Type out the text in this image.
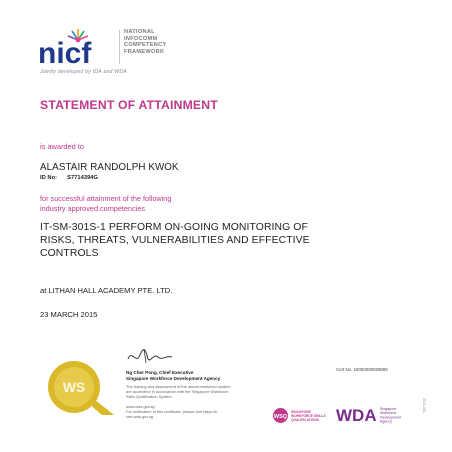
nicf
NATIONAL
INFOCOMM
COMPETENCY
FRAMEWORK
Jointly developed by IDA and WDA
STATEMENT OF ATTAINMENT
is awarded to
ALASTAIR RANDOLPH KWOK
ID No: S7714394G
for successful attainment of the following
industry approved competencies
IT-SM-301S-1 PERFORM ON-GOING MONITORING OF
RISKS, THREATS, VULNERABILITIES AND EFFECTIVE
CONTROLS
at LITHAN HALL ACADEMY PTE. LTD.
23 MARCH 2015
WS
Ng Cher Pong, Chief Executive
Singapore Workforce Development Agency
The training and assessment of the abovementioned student
are accredited in accordance with the Singapore Workforce
Skills Qualification System
www.wda.gov.sg
For verification of this certificate, please visit https://e-
cert.wda.gov.sg
Cert No. 15000000029990
WSQ
SINGAPORE
WORKFORCE SKILLS
QUALIFICATIONS WDA Singapore
Workforce
Development
Agency
SOA-001
